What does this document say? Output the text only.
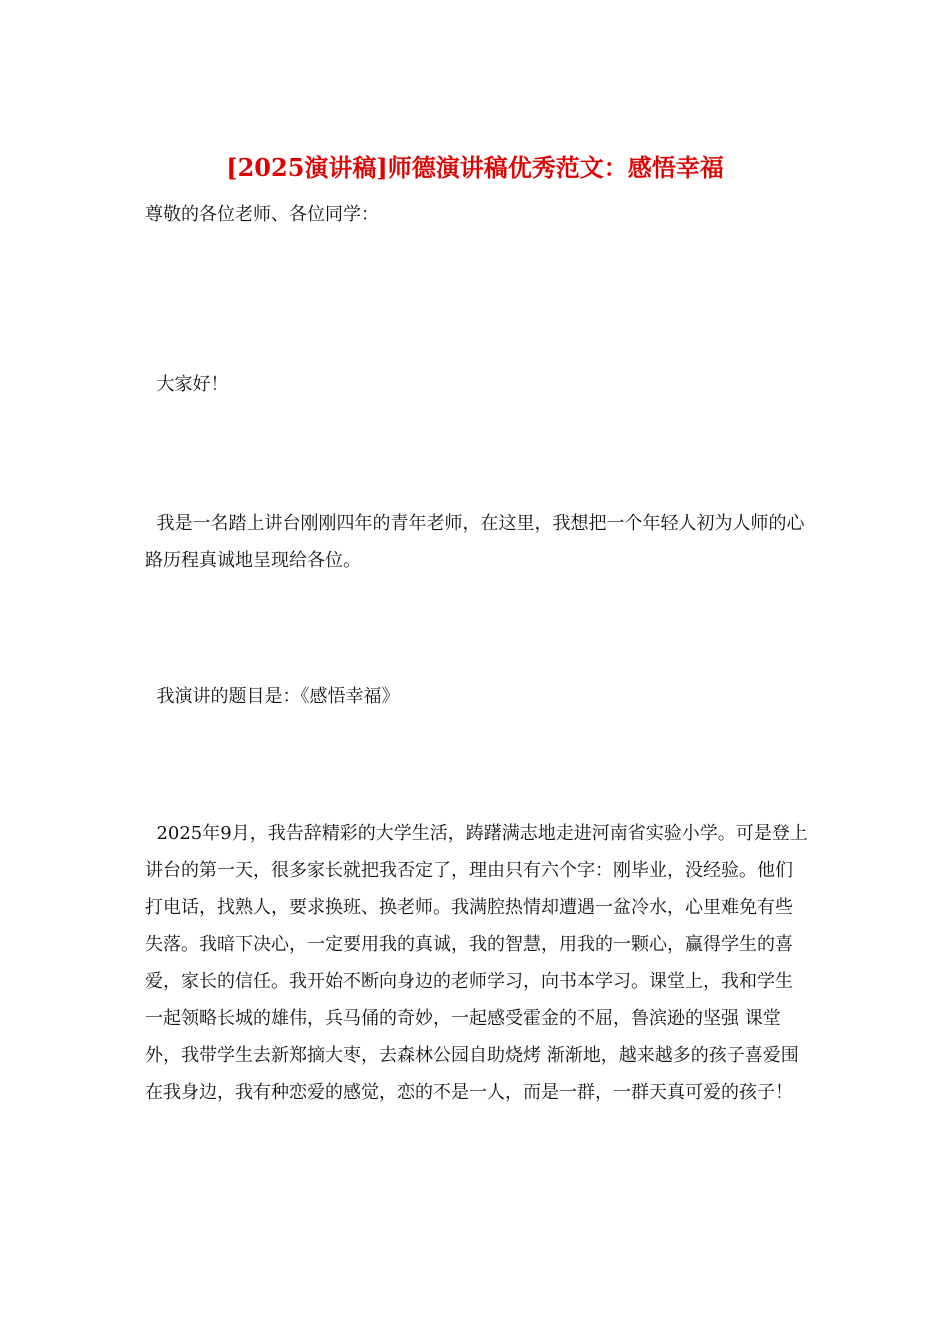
[2025演讲稿]师德演讲稿优秀范文：感悟幸福

尊敬的各位老师、各位同学：

大家好！

我是一名踏上讲台刚刚四年的青年老师，在这里，我想把一个年轻人初为人师的心路历程真诚地呈现给各位。

我演讲的题目是：《感悟幸福》

2025年9月，我告辞精彩的大学生活，踌躇满志地走进河南省实验小学。可是登上讲台的第一天，很多家长就把我否定了，理由只有六个字：刚毕业，没经验。他们打电话，找熟人，要求换班、换老师。我满腔热情却遭遇一盆冷水，心里难免有些失落。我暗下决心，一定要用我的真诚，我的智慧，用我的一颗心，赢得学生的喜爱，家长的信任。我开始不断向身边的老师学习，向书本学习。课堂上，我和学生一起领略长城的雄伟，兵马俑的奇妙，一起感受霍金的不屈，鲁滨逊的坚强 课堂外，我带学生去新郑摘大枣，去森林公园自助烧烤 渐渐地，越来越多的孩子喜爱围在我身边，我有种恋爱的感觉，恋的不是一人，而是一群，一群天真可爱的孩子！
